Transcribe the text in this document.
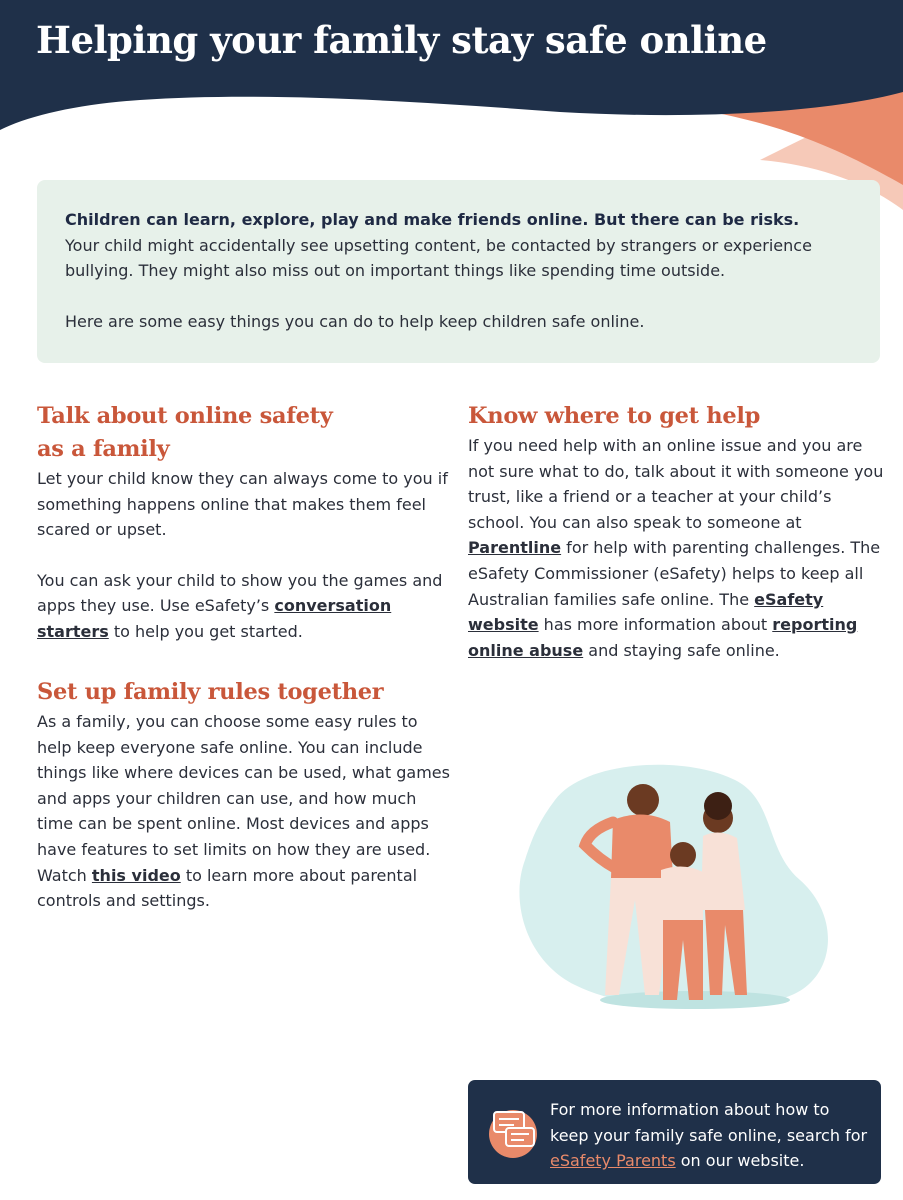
Helping your family stay safe online

Children can learn, explore, play and make friends online. But there can be risks.

Your child might accidentally see upsetting content, be contacted by strangers or experience bullying. They might also miss out on important things like spending time outside.

Here are some easy things you can do to help keep children safe online.

Talk about online safety
as a family

Let your child know they can always come to you if something happens online that makes them feel scared or upset.

You can ask your child to show you the games and apps they use. Use eSafety’s conversation starters to help you get started.

Set up family rules together

As a family, you can choose some easy rules to help keep everyone safe online. You can include things like where devices can be used, what games and apps your children can use, and how much time can be spent online. Most devices and apps have features to set limits on how they are used. Watch this video to learn more about parental controls and settings.

Know where to get help

If you need help with an online issue and you are not sure what to do, talk about it with someone you trust, like a friend or a teacher at your child’s school. You can also speak to someone at Parentline for help with parenting challenges. The eSafety Commissioner (eSafety) helps to keep all Australian families safe online. The eSafety website has more information about reporting online abuse and staying safe online.

For more information about how to keep your family safe online, search for eSafety Parents on our website.
